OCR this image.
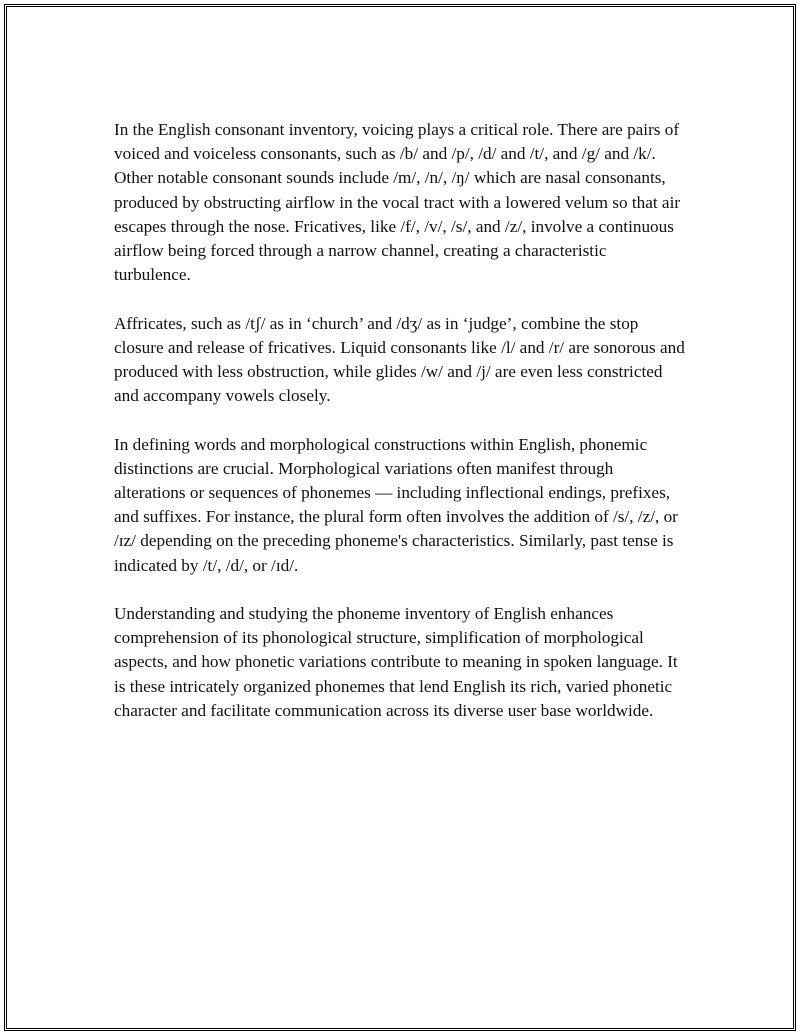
In the English consonant inventory, voicing plays a critical role. There are pairs of voiced and voiceless consonants, such as /b/ and /p/, /d/ and /t/, and /g/ and /k/. Other notable consonant sounds include /m/, /n/, /ŋ/ which are nasal consonants, produced by obstructing airflow in the vocal tract with a lowered velum so that air escapes through the nose. Fricatives, like /f/, /v/, /s/, and /z/, involve a continuous airflow being forced through a narrow channel, creating a characteristic turbulence.

Affricates, such as /tʃ/ as in ‘church’ and /dʒ/ as in ‘judge’, combine the stop closure and release of fricatives. Liquid consonants like /l/ and /r/ are sonorous and produced with less obstruction, while glides /w/ and /j/ are even less constricted and accompany vowels closely.

In defining words and morphological constructions within English, phonemic distinctions are crucial. Morphological variations often manifest through alterations or sequences of phonemes — including inflectional endings, prefixes, and suffixes. For instance, the plural form often involves the addition of /s/, /z/, or /ɪz/ depending on the preceding phoneme's characteristics. Similarly, past tense is indicated by /t/, /d/, or /ɪd/.

Understanding and studying the phoneme inventory of English enhances comprehension of its phonological structure, simplification of morphological aspects, and how phonetic variations contribute to meaning in spoken language. It is these intricately organized phonemes that lend English its rich, varied phonetic character and facilitate communication across its diverse user base worldwide.
